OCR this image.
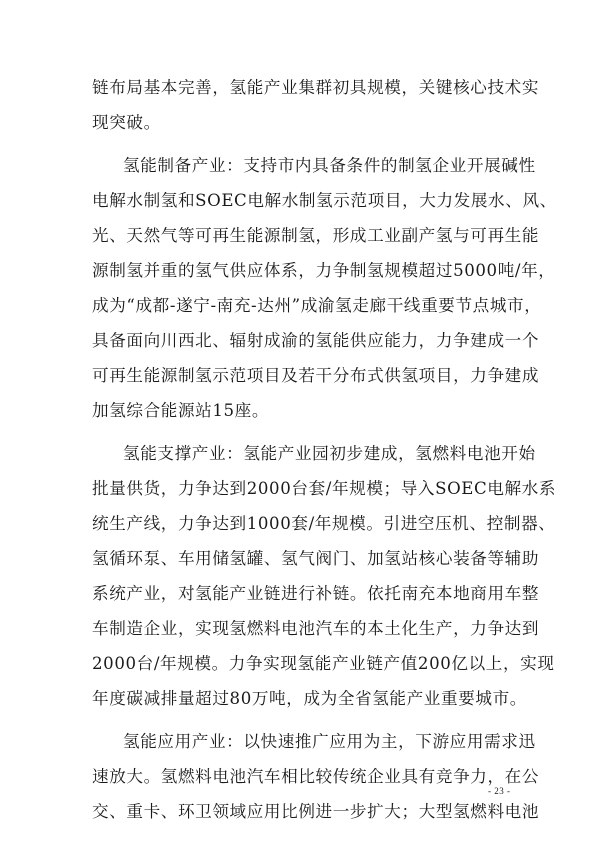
链布局基本完善，氢能产业集群初具规模，关键核心技术实
现突破。
氢能制备产业：支持市内具备条件的制氢企业开展碱性
电解水制氢和SOEC电解水制氢示范项目，大力发展水、风、
光、天然气等可再生能源制氢，形成工业副产氢与可再生能
源制氢并重的氢气供应体系，力争制氢规模超过5000吨/年，
成为“成都-遂宁-南充-达州”成渝氢走廊干线重要节点城市，
具备面向川西北、辐射成渝的氢能供应能力，力争建成一个
可再生能源制氢示范项目及若干分布式供氢项目，力争建成
加氢综合能源站15座。
氢能支撑产业：氢能产业园初步建成，氢燃料电池开始
批量供货，力争达到2000台套/年规模；导入SOEC电解水系
统生产线，力争达到1000套/年规模。引进空压机、控制器、
氢循环泵、车用储氢罐、氢气阀门、加氢站核心装备等辅助
系统产业，对氢能产业链进行补链。依托南充本地商用车整
车制造企业，实现氢燃料电池汽车的本土化生产，力争达到
2000台/年规模。力争实现氢能产业链产值200亿以上，实现
年度碳减排量超过80万吨，成为全省氢能产业重要城市。
氢能应用产业：以快速推广应用为主，下游应用需求迅
速放大。氢燃料电池汽车相比较传统企业具有竞争力，在公
交、重卡、环卫领域应用比例进一步扩大；大型氢燃料电池
- 23 -
